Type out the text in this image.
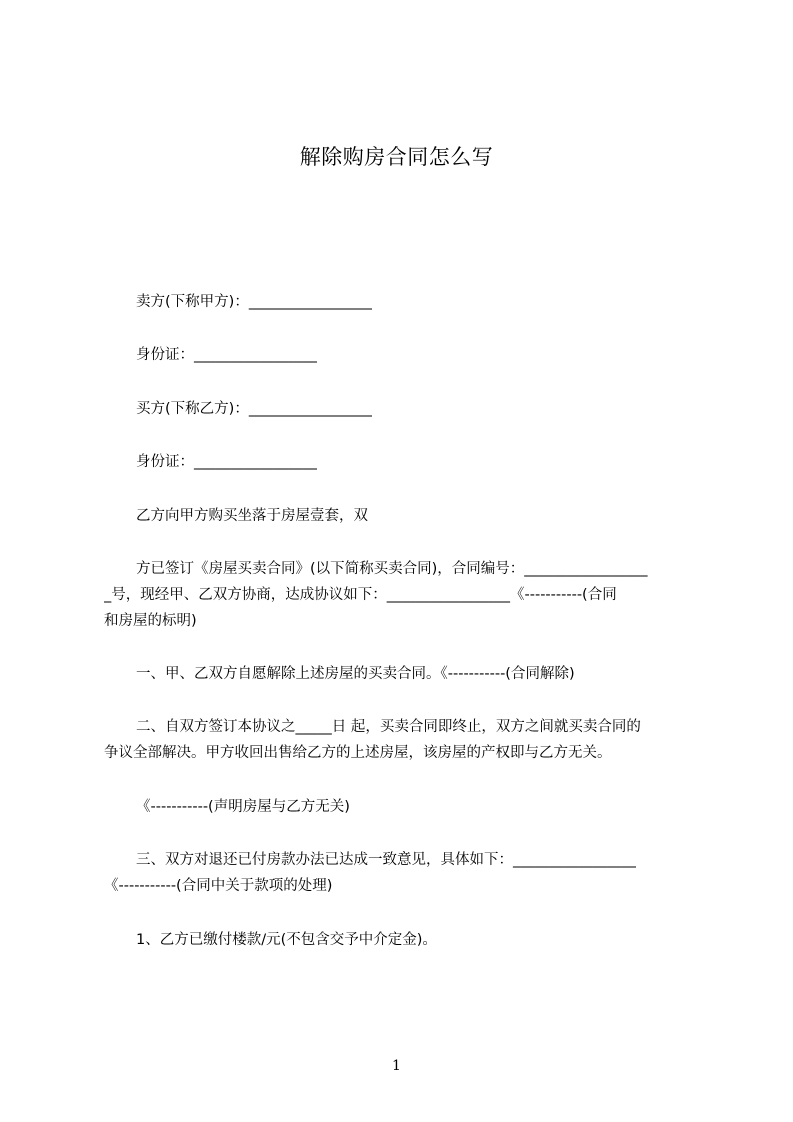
解除购房合同怎么写
卖方(下称甲方)：_________________
身份证：_________________
买方(下称乙方)：_________________
身份证：_________________
乙方向甲方购买坐落于房屋壹套，双
方已签订《房屋买卖合同》(以下简称买卖合同)，合同编号：_________________
_号，现经甲、乙双方协商，达成协议如下：_________________《-----------(合同
和房屋的标明)
一、甲、乙双方自愿解除上述房屋的买卖合同。《-----------(合同解除)
二、自双方签订本协议之_____日 起，买卖合同即终止，双方之间就买卖合同的
争议全部解决。甲方收回出售给乙方的上述房屋，该房屋的产权即与乙方无关。
《-----------(声明房屋与乙方无关)
三、双方对退还已付房款办法已达成一致意见，具体如下：_________________
《-----------(合同中关于款项的处理)
1、乙方已缴付楼款/元(不包含交予中介定金)。
1
